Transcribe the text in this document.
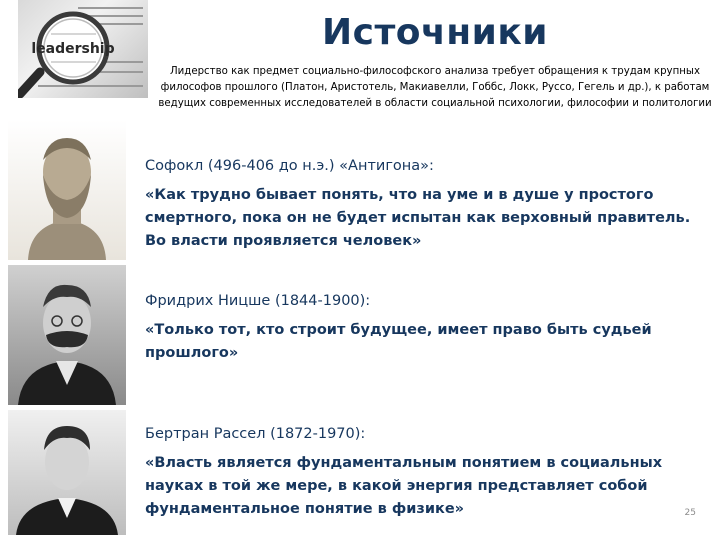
leadership	Источники
Лидерство как предмет социально-философского анализа требует обращения к трудам крупных философов прошлого (Платон, Аристотель, Макиавелли, Гоббс, Локк, Руссо, Гегель и др.), к работам ведущих современных исследователей в области социальной психологии, философии и политологии

Софокл (496-406 до н.э.) «Антигона»:

«Как трудно бывает понять, что на уме и в душе у простого смертного, пока он не будет испытан как верховный правитель. Во власти проявляется человек»

Фридрих Ницше (1844-1900):

«Только тот, кто строит будущее, имеет право быть судьей прошлого»

Бертран Рассел (1872-1970):

«Власть является фундаментальным понятием в социальных науках в той же мере, в какой энергия представляет собой фундаментальное понятие в физике»	25
